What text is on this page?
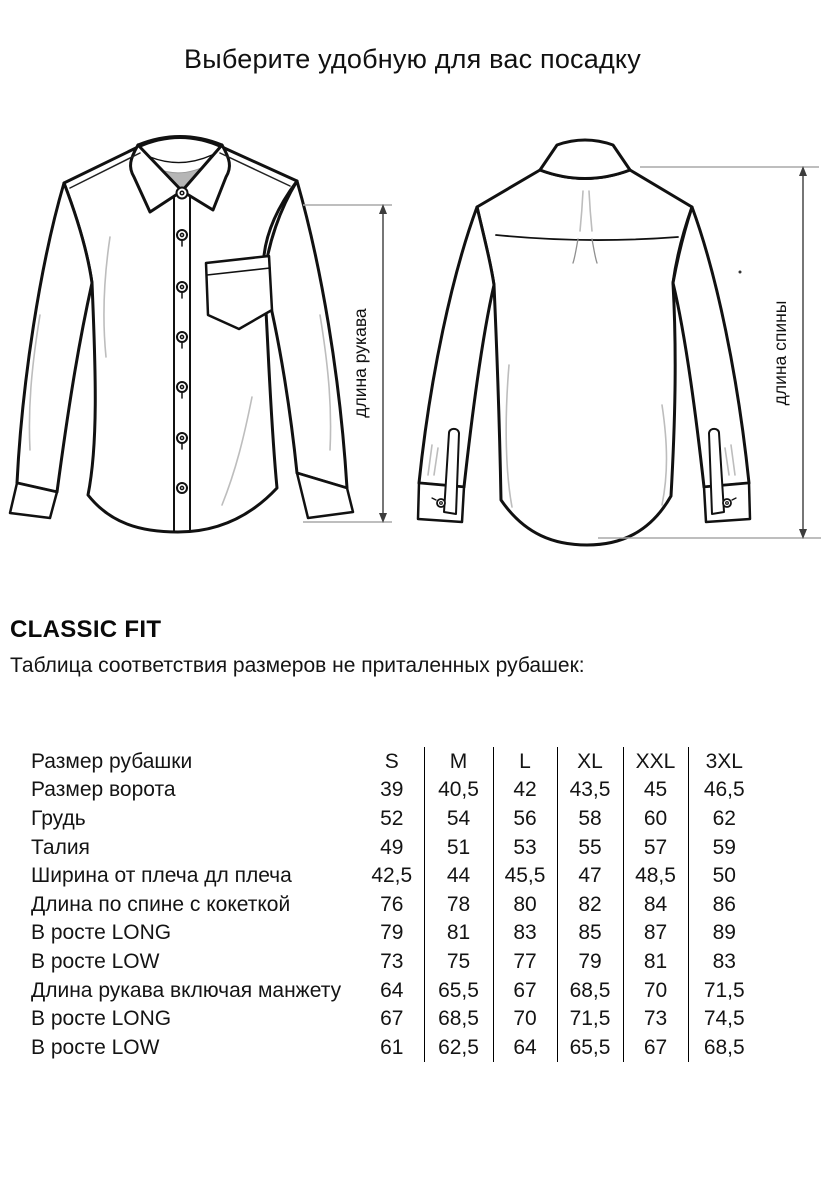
Выберите удобную для вас посадку
длина рукава	длина спины
CLASSIC FIT
Таблица соответствия размеров не приталенных рубашек:
Размер рубашки	S	M	L	XL	XXL	3XL
Размер ворота	39	40,5	42	43,5	45	46,5
Грудь	52	54	56	58	60	62
Талия	49	51	53	55	57	59
Ширина от плеча дл плеча	42,5	44	45,5	47	48,5	50
Длина по спине с кокеткой	76	78	80	82	84	86
В росте LONG	79	81	83	85	87	89
В росте LOW	73	75	77	79	81	83
Длина рукава включая манжету	64	65,5	67	68,5	70	71,5
В росте LONG	67	68,5	70	71,5	73	74,5
В росте LOW	61	62,5	64	65,5	67	68,5
